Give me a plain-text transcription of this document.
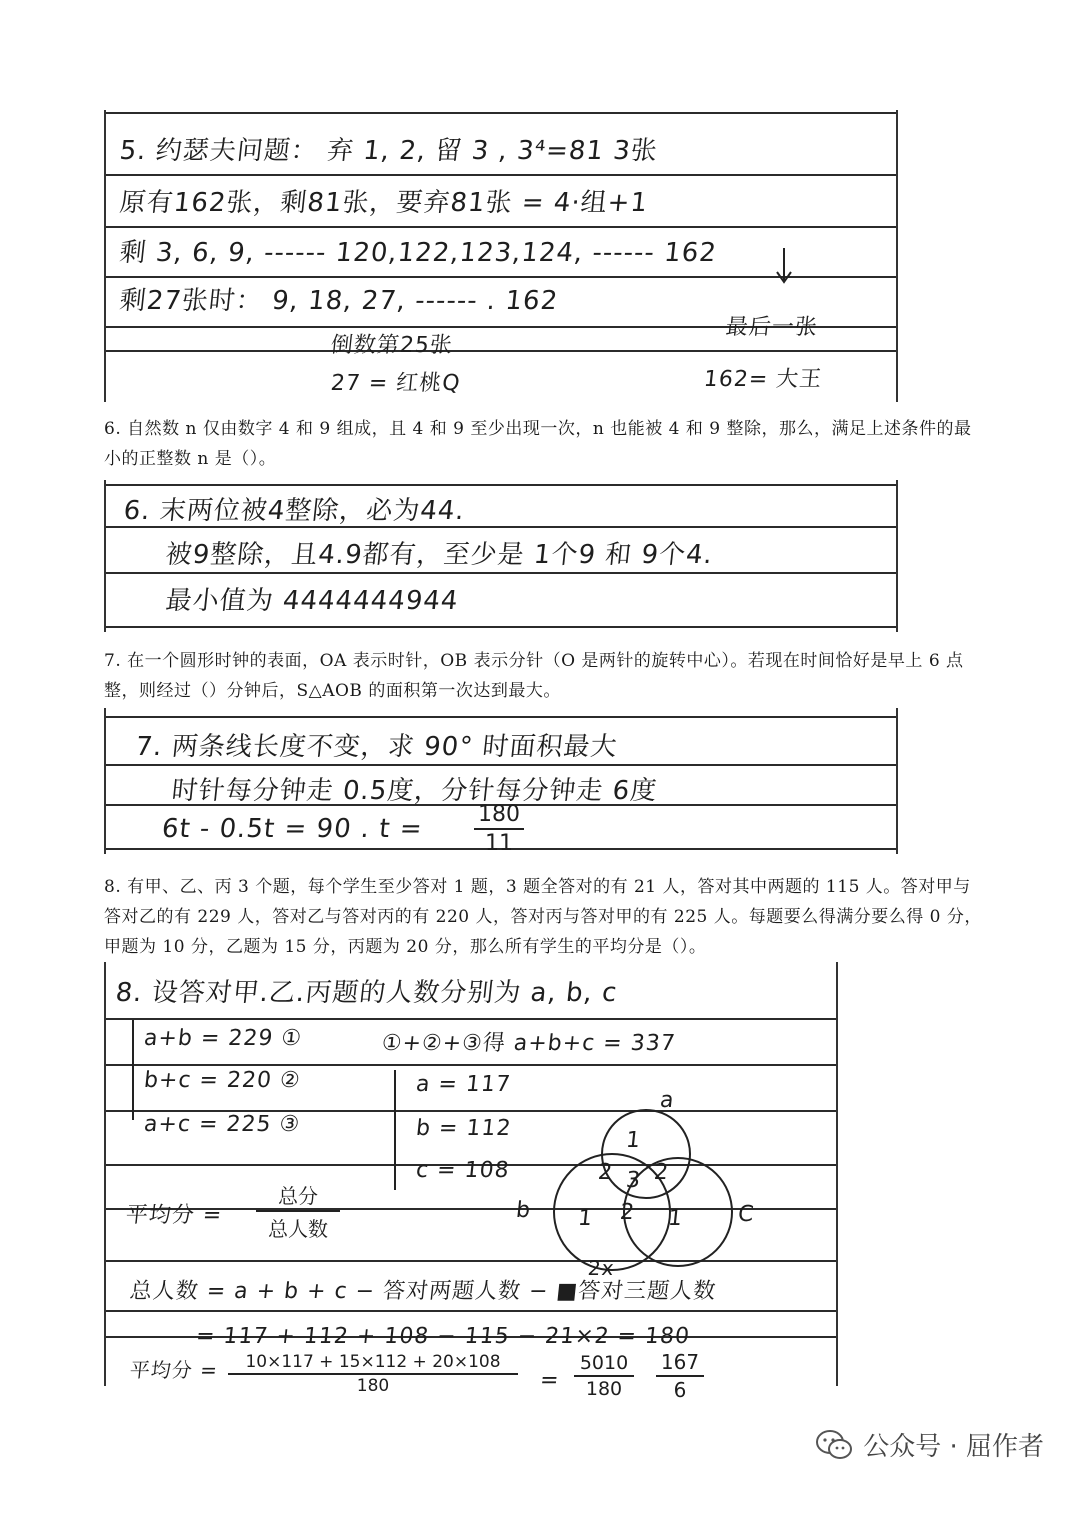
5. 约瑟夫问题： 弃 1, 2, 留 3 , 3⁴=81 3张
原有162张，剩81张，要弃81张 = 4·组+1
剩 3, 6, 9, ------ 120,122,123,124, ------ 162
剩27张时： 9, 18, 27, ------ . 162
最后一张
倒数第25张
27 = 红桃Q	162= 大王
6. 自然数 n 仅由数字 4 和 9 组成，且 4 和 9 至少出现一次，n 也能被 4 和 9 整除，那么，满足上述条件的最小的正整数 n 是（）。
6. 末两位被4整除，必为44.
被9整除，且4.9都有，至少是 1个9 和 9个4.
最小值为 4444444944
7. 在一个圆形时钟的表面，OA 表示时针，OB 表示分针（O 是两针的旋转中心）。若现在时间恰好是早上 6 点整，则经过（）分钟后，S△AOB 的面积第一次达到最大。
7. 两条线长度不变，求 90° 时面积最大
时针每分钟走 0.5度，分针每分钟走 6度
6t - 0.5t = 90 . t = 180
11
8. 有甲、乙、丙 3 个题，每个学生至少答对 1 题，3 题全答对的有 21 人，答对其中两题的 115 人。答对甲与答对乙的有 229 人，答对乙与答对丙的有 220 人，答对丙与答对甲的有 225 人。每题要么得满分要么得 0 分，甲题为 10 分，乙题为 15 分，丙题为 20 分，那么所有学生的平均分是（）。
8. 设答对甲.乙.丙题的人数分别为 a, b, c
a+b = 229 ①
b+c = 220 ②
a+c = 225 ③
①+②+③得 a+b+c = 337
a = 117
b = 112
c = 108
平均分 =
总分
总人数
a
b	C
1
2 3 2
1 2 1
2x
总人数 = a + b + c − 答对两题人数 − ■答对三题人数
= 117 + 112 + 108 − 115 − 21×2 = 180
平均分 =	10×117 + 15×112 + 20×108
180	=
5010
180
167
6
公众号 · 屈作者
